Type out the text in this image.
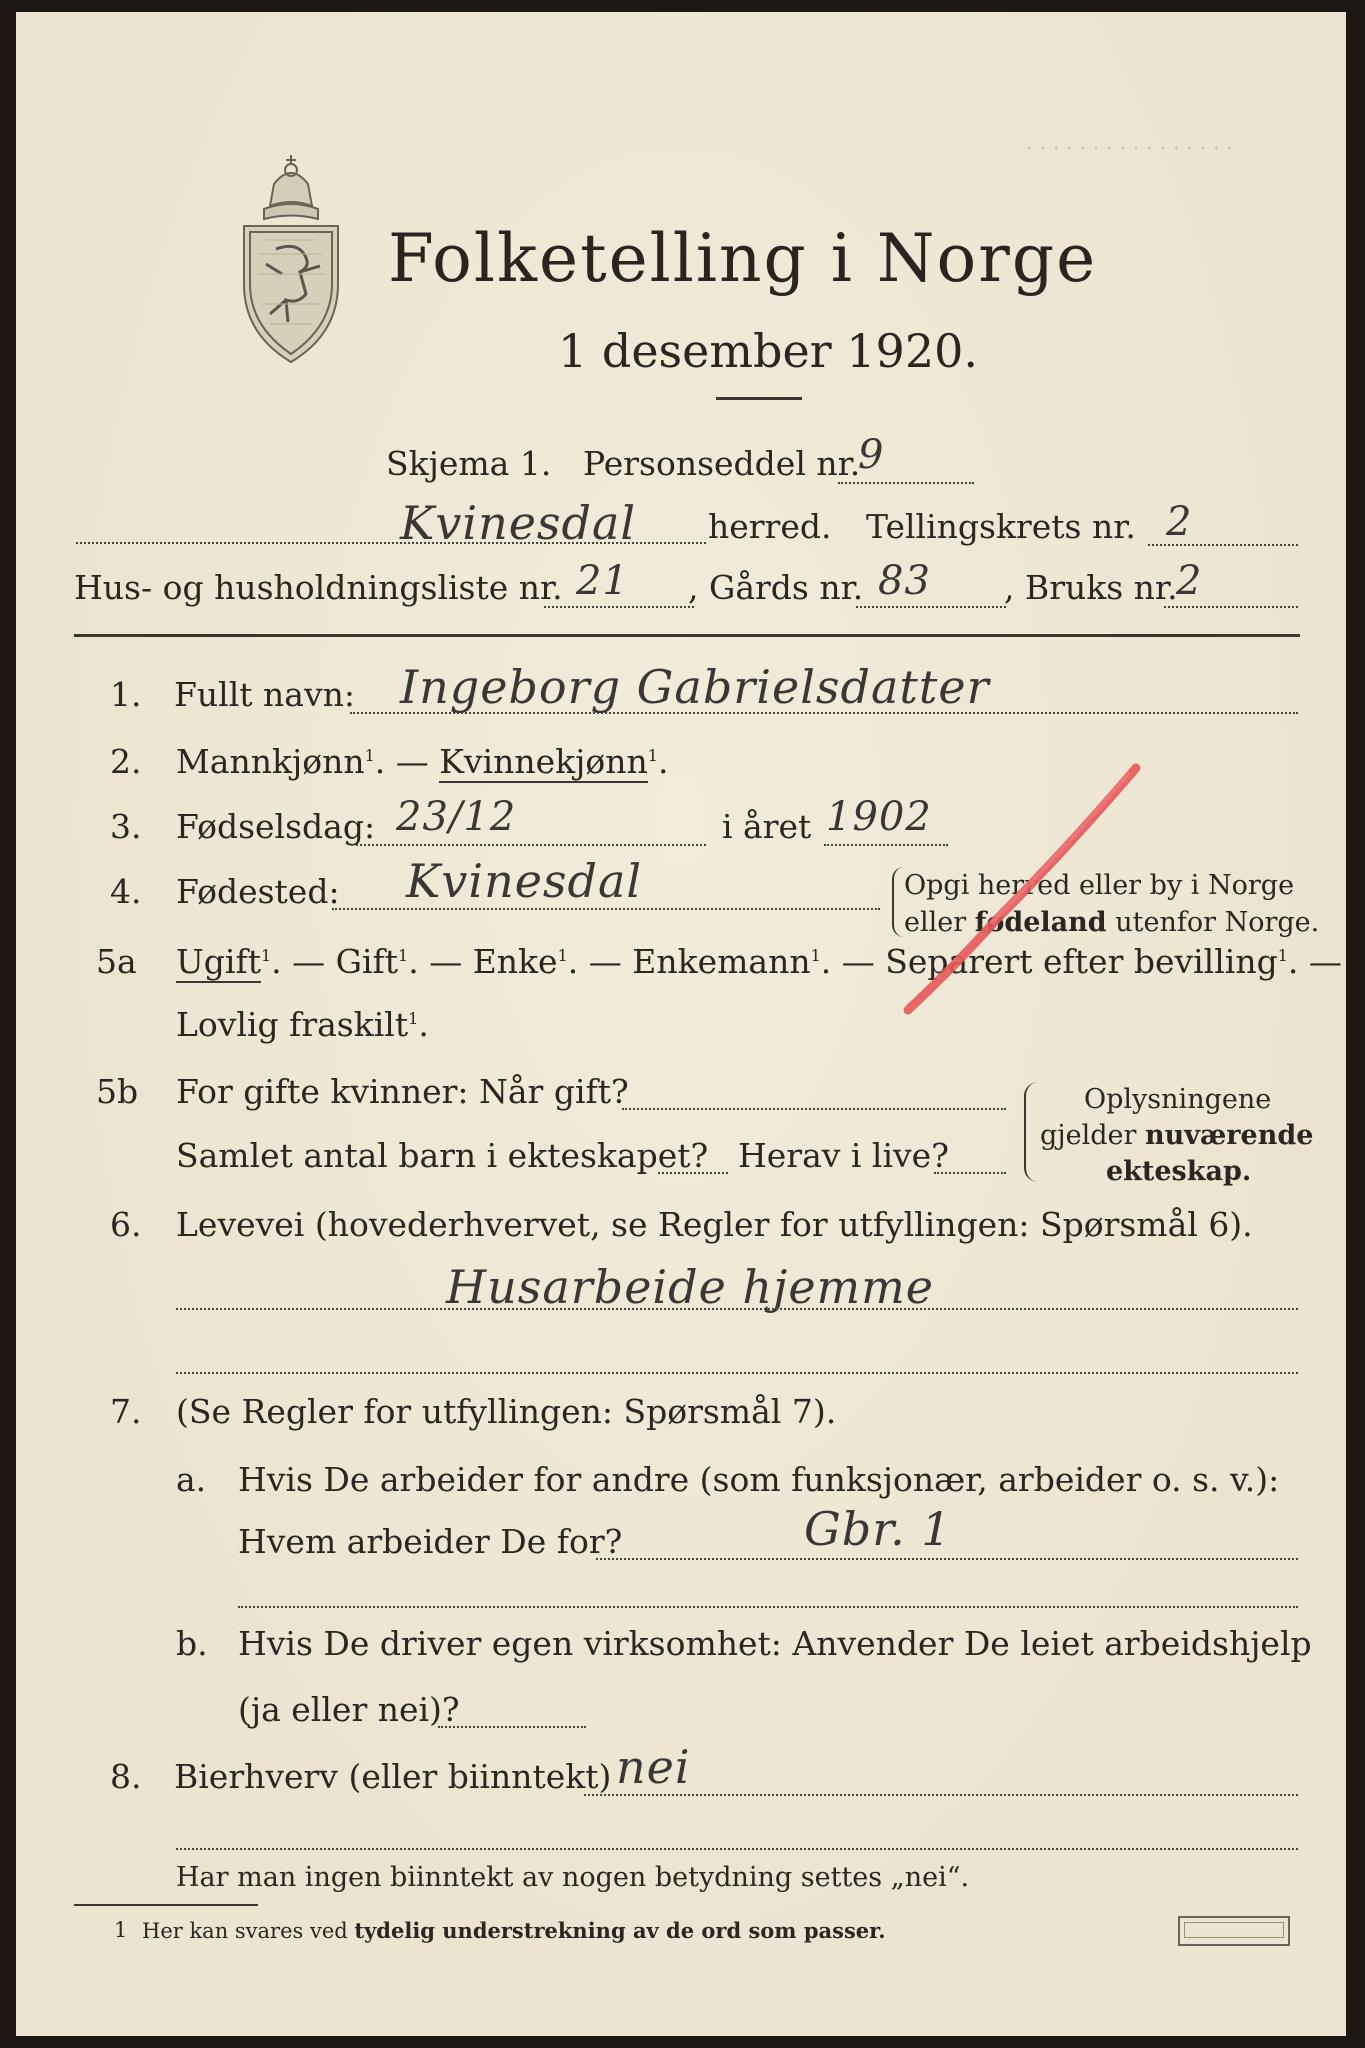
Folketelling i Norge
1 desember 1920.
. . . . . . . . . . . . . . . .
Skjema 1. Personseddel nr.
9
Kvinesdal herred. Tellingskrets nr. 2
Hus- og husholdningsliste nr. 21 , Gårds nr. 83 , Bruks nr.
2
1. Fullt navn: Ingeborg Gabrielsdatter
2. Mannkjønn$^1$. — Kvinnekjønn$^1$.
3. Fødselsdag: 23/12	i året 1902
4. Fødested: Kvinesdal	Opgi herred eller by i Norge
eller fødeland utenfor Norge.
5a Ugift$^1$. — Gift$^1$. — Enke$^1$. — Enkemann$^1$. — Separert efter bevilling$^1$. —
Lovlig fraskilt$^1$.
5b For gifte kvinner: Når gift?
Samlet antal barn i ekteskapet? Herav i live?
Oplysningene
gjelder nuværende
ekteskap.
6. Levevei (hovederhvervet, se Regler for utfyllingen: Spørsmål 6).
Husarbeide hjemme
7. (Se Regler for utfyllingen: Spørsmål 7).
a. Hvis De arbeider for andre (som funksjonær, arbeider o. s. v.):
Hvem arbeider De for?	Gbr. 1
b. Hvis De driver egen virksomhet: Anvender De leiet arbeidshjelp
(ja eller nei)?
8. Bierhverv (eller biinntekt) nei
Har man ingen biinntekt av nogen betydning settes „nei“.
1 Her kan svares ved tydelig understrekning av de ord som passer.
